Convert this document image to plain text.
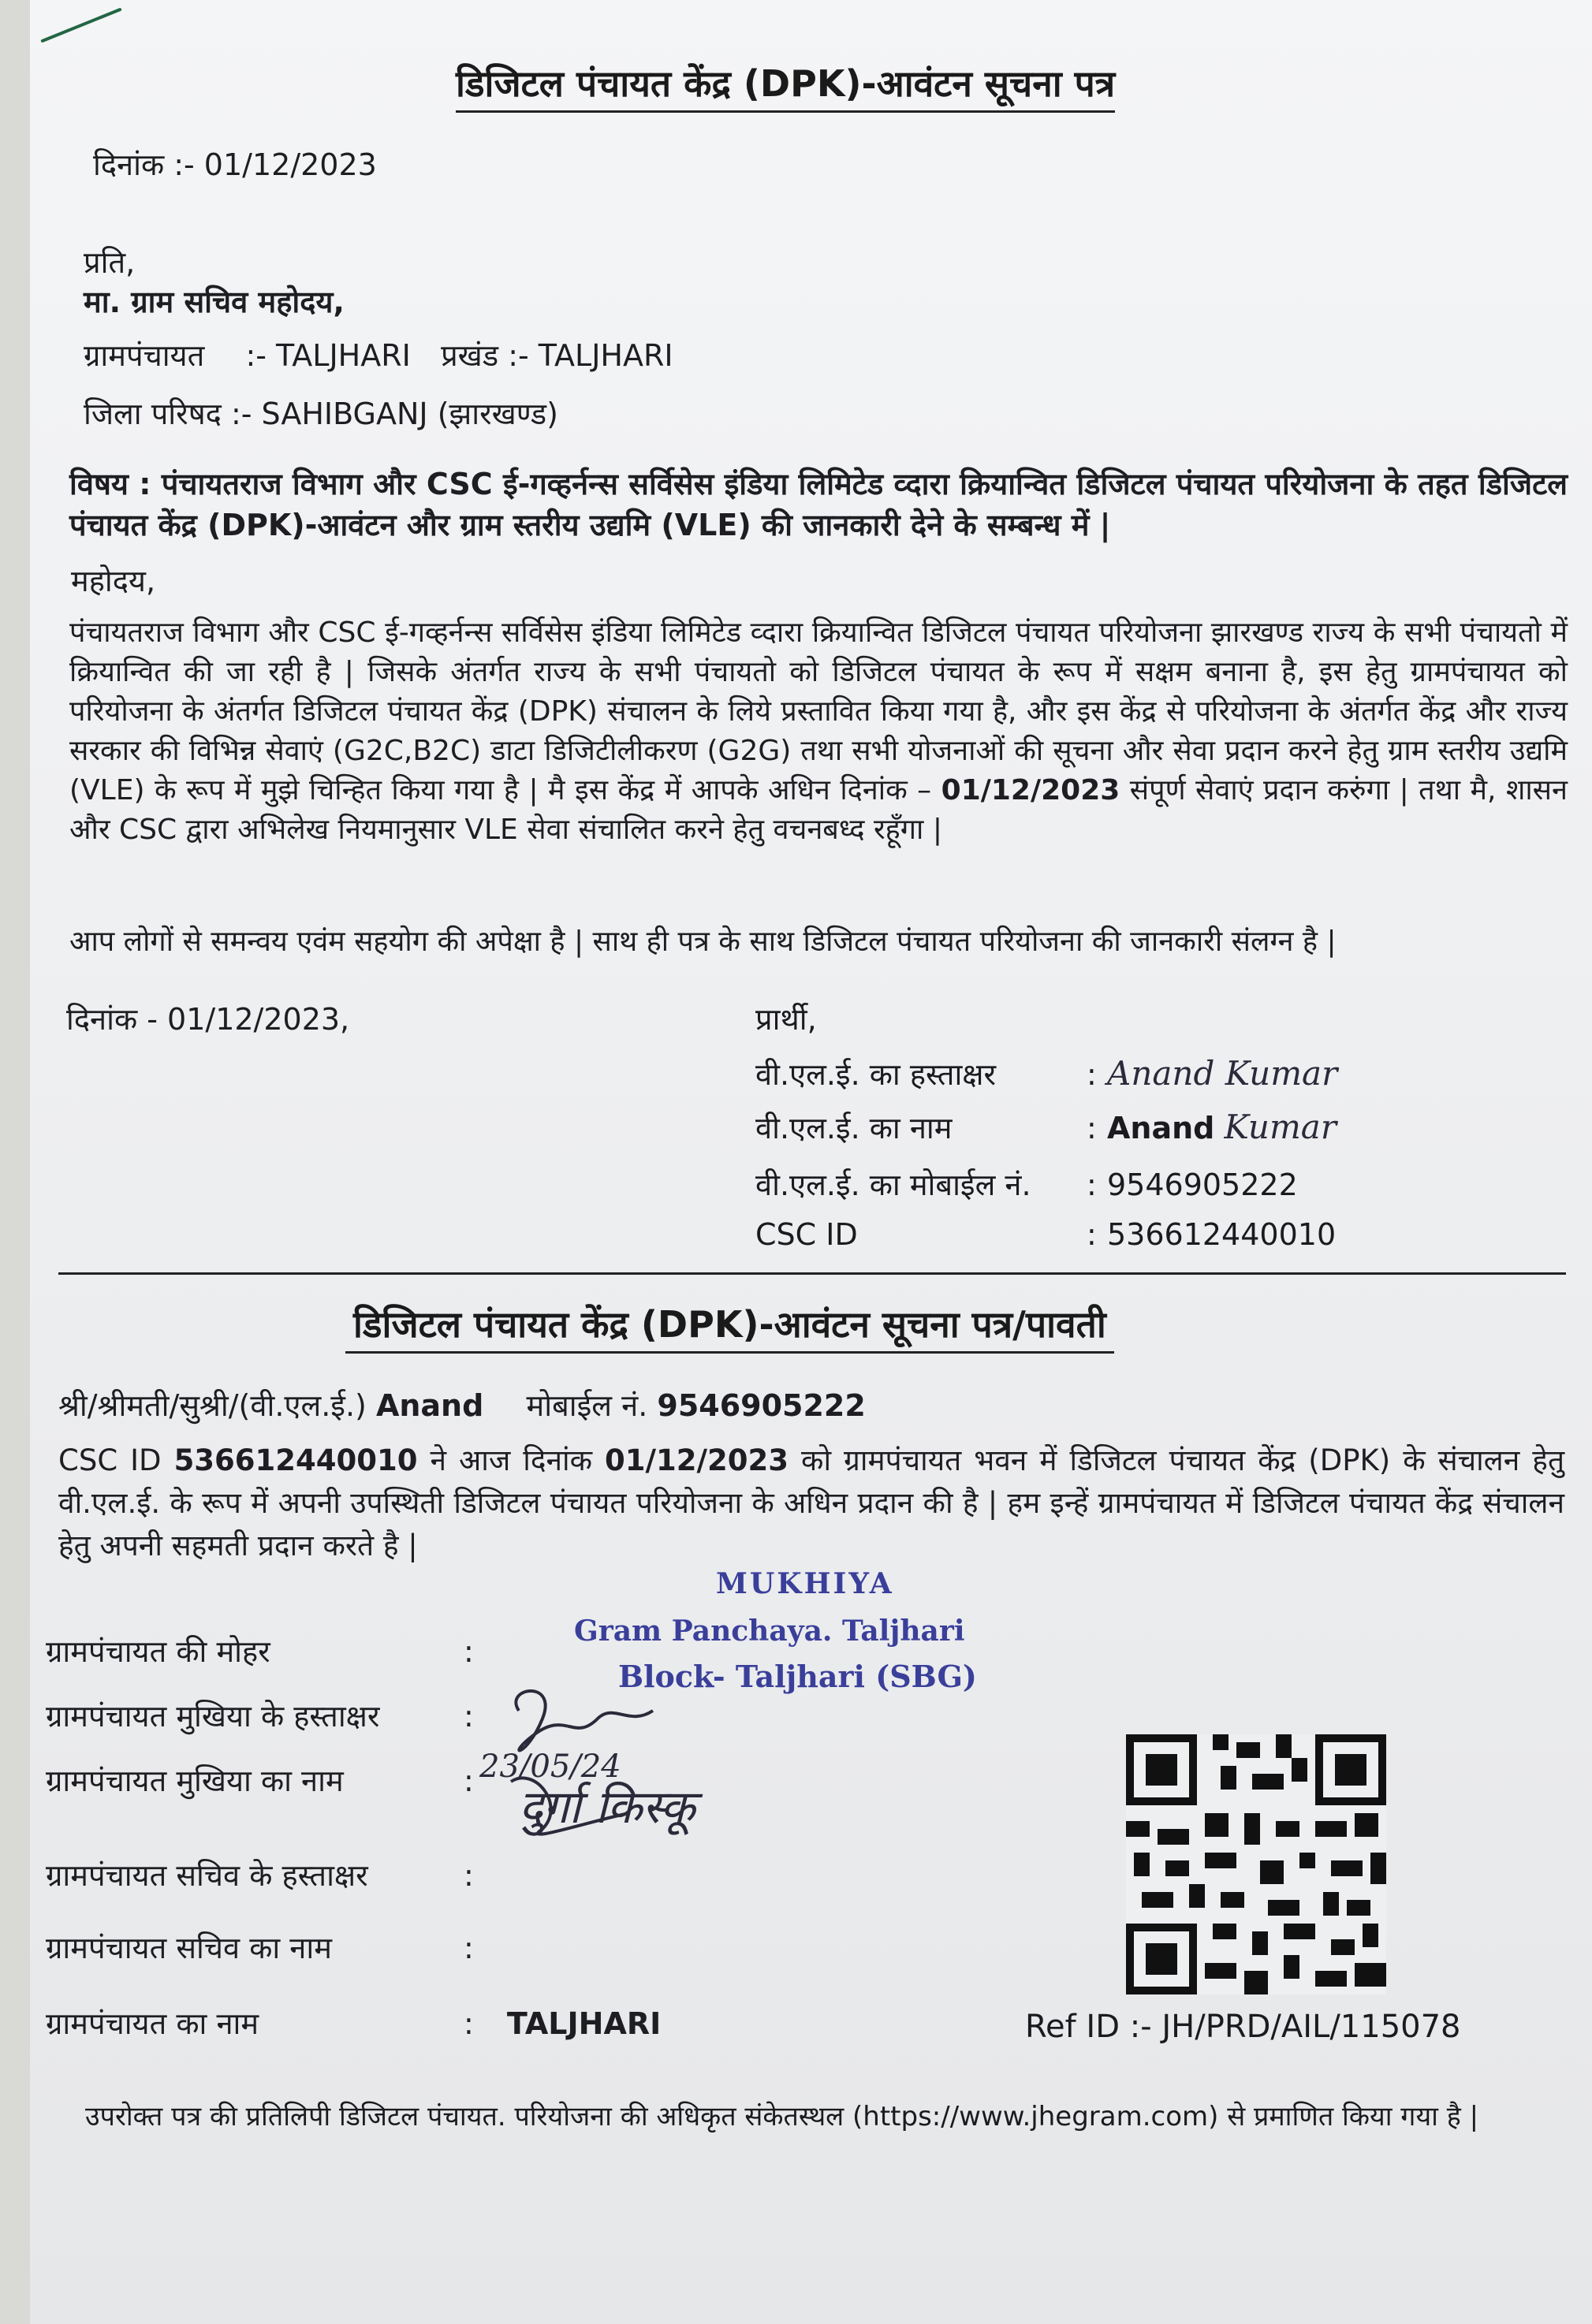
डिजिटल पंचायत केंद्र (DPK)-आवंटन सूचना पत्र
दिनांक :- 01/12/2023
प्रति,
मा. ग्राम सचिव महोदय,
ग्रामपंचायत :- TALJHARI प्रखंड :- TALJHARI
जिला परिषद :- SAHIBGANJ (झारखण्ड)
विषय : पंचायतराज विभाग और CSC ई-गव्हर्नन्स सर्विसेस इंडिया लिमिटेड व्दारा क्रियान्वित डिजिटल पंचायत परियोजना के तहत डिजिटल पंचायत केंद्र (DPK)-आवंटन और ग्राम स्तरीय उद्यमि (VLE) की जानकारी देने के सम्बन्ध में |
महोदय,
पंचायतराज विभाग और CSC ई-गव्हर्नन्स सर्विसेस इंडिया लिमिटेड व्दारा क्रियान्वित डिजिटल पंचायत परियोजना झारखण्ड राज्य के सभी पंचायतो में क्रियान्वित की जा रही है | जिसके अंतर्गत राज्य के सभी पंचायतो को डिजिटल पंचायत के रूप में सक्षम बनाना है, इस हेतु ग्रामपंचायत को परियोजना के अंतर्गत डिजिटल पंचायत केंद्र (DPK) संचालन के लिये प्रस्तावित किया गया है, और इस केंद्र से परियोजना के अंतर्गत केंद्र और राज्य सरकार की विभिन्न सेवाएं (G2C,B2C) डाटा डिजिटीलीकरण (G2G) तथा सभी योजनाओं की सूचना और सेवा प्रदान करने हेतु ग्राम स्तरीय उद्यमि (VLE) के रूप में मुझे चिन्हित किया गया है | मै इस केंद्र में आपके अधिन दिनांक – 01/12/2023 संपूर्ण सेवाएं प्रदान करुंगा | तथा मै, शासन और CSC द्वारा अभिलेख नियमानुसार VLE सेवा संचालित करने हेतु वचनबध्द रहूँगा |
आप लोगों से समन्वय एवंम सहयोग की अपेक्षा है | साथ ही पत्र के साथ डिजिटल पंचायत परियोजना की जानकारी संलग्न है |
दिनांक - 01/12/2023,	प्रार्थी,
वी.एल.ई. का हस्ताक्षर	: Anand Kumar
वी.एल.ई. का नाम	: Anand Kumar
वी.एल.ई. का मोबाईल नं. : 9546905222
CSC ID	: 536612440010
डिजिटल पंचायत केंद्र (DPK)-आवंटन सूचना पत्र/पावती
श्री/श्रीमती/सुश्री/(वी.एल.ई.) Anand मोबाईल नं. 9546905222
CSC ID 536612440010 ने आज दिनांक 01/12/2023 को ग्रामपंचायत भवन में डिजिटल पंचायत केंद्र (DPK) के संचालन हेतु वी.एल.ई. के रूप में अपनी उपस्थिती डिजिटल पंचायत परियोजना के अधिन प्रदान की है | हम इन्हें ग्रामपंचायत में डिजिटल पंचायत केंद्र संचालन हेतु अपनी सहमती प्रदान करते है |
MUKHIYA
Gram Panchaya. Taljhari
Block- Taljhari (SBG)
23/05/24
दुर्गा किस्कू
ग्रामपंचायत की मोहर	:
ग्रामपंचायत मुखिया के हस्ताक्षर	:
ग्रामपंचायत मुखिया का नाम	:
ग्रामपंचायत सचिव के हस्ताक्षर	:
ग्रामपंचायत सचिव का नाम	:
ग्रामपंचायत का नाम	: TALJHARI	Ref ID :- JH/PRD/AIL/115078
उपरोक्त पत्र की प्रतिलिपी डिजिटल पंचायत. परियोजना की अधिकृत संकेतस्थल (https://www.jhegram.com) से प्रमाणित किया गया है |
